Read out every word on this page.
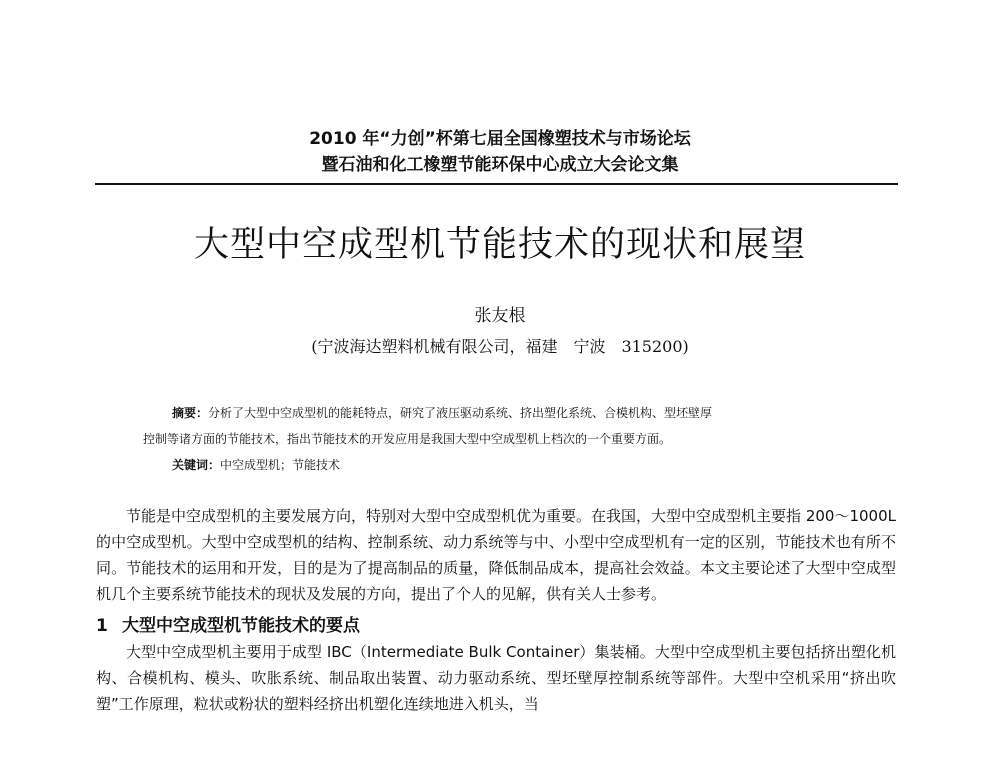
2010 年“力创”杯第七届全国橡塑技术与市场论坛
暨石油和化工橡塑节能环保中心成立大会论文集
大型中空成型机节能技术的现状和展望
张友根
(宁波海达塑料机械有限公司，福建　宁波　315200)
摘要：分析了大型中空成型机的能耗特点，研究了液压驱动系统、挤出塑化系统、合模机构、型坯壁厚
控制等诸方面的节能技术，指出节能技术的开发应用是我国大型中空成型机上档次的一个重要方面。
关键词：中空成型机；节能技术

节能是中空成型机的主要发展方向，特别对大型中空成型机优为重要。在我国，大型中空成型机主要指 200～1000L 的中空成型机。大型中空成型机的结构、控制系统、动力系统等与中、小型中空成型机有一定的区别，节能技术也有所不同。节能技术的运用和开发，目的是为了提高制品的质量，降低制品成本，提高社会效益。本文主要论述了大型中空成型机几个主要系统节能技术的现状及发展的方向，提出了个人的见解，供有关人士参考。

1 大型中空成型机节能技术的要点

大型中空成型机主要用于成型 IBC（Intermediate Bulk Container）集装桶。大型中空成型机主要包括挤出塑化机构、合模机构、模头、吹胀系统、制品取出装置、动力驱动系统、型坯壁厚控制系统等部件。大型中空机采用“挤出吹塑”工作原理，粒状或粉状的塑料经挤出机塑化连续地进入机头，当
